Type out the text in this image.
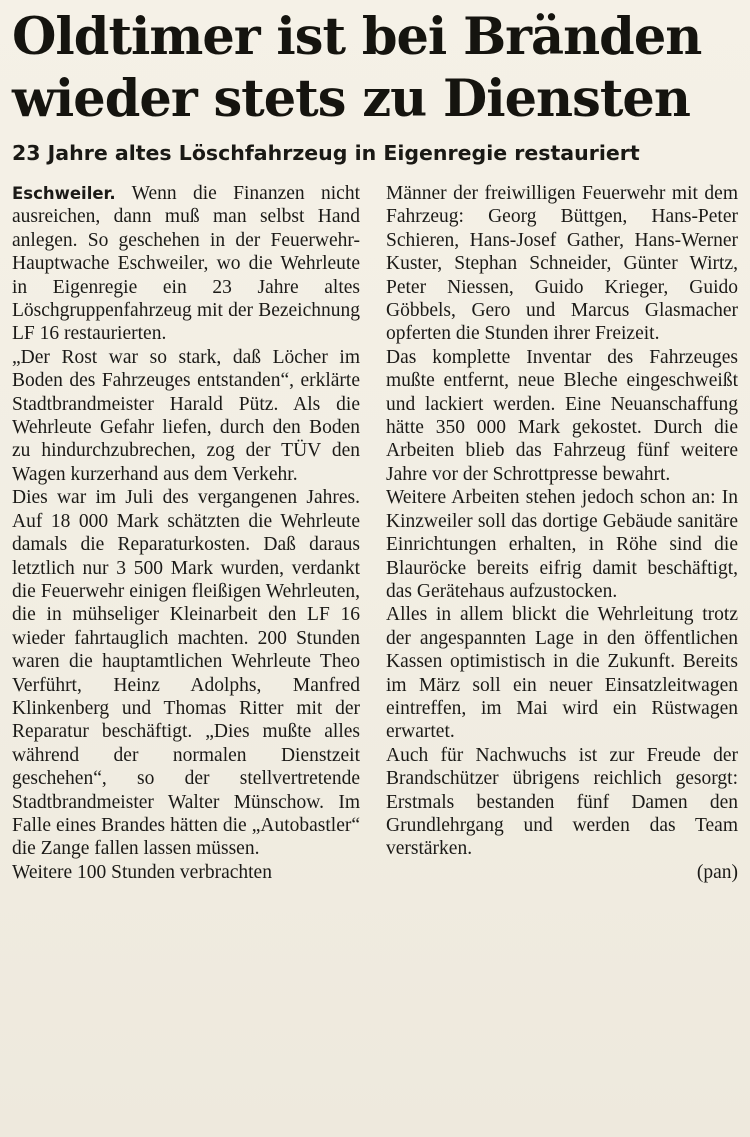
Oldtimer ist bei Bränden
wieder stets zu Diensten
23 Jahre altes Löschfahrzeug in Eigenregie restauriert

Eschweiler. Wenn die Finanzen nicht ausreichen, dann muß man selbst Hand anlegen. So geschehen in der Feuerwehr-Hauptwache Eschweiler, wo die Wehrleute in Eigenregie ein 23 Jahre altes Löschgruppenfahrzeug mit der Bezeichnung LF 16 restaurierten.

„Der Rost war so stark, daß Löcher im Boden des Fahrzeuges entstanden“, erklärte Stadtbrandmeister Harald Pütz. Als die Wehrleute Gefahr liefen, durch den Boden zu hindurchzubrechen, zog der TÜV den Wagen kurzerhand aus dem Verkehr.

Dies war im Juli des vergangenen Jahres. Auf 18 000 Mark schätzten die Wehrleute damals die Reparaturkosten. Daß daraus letztlich nur 3 500 Mark wurden, verdankt die Feuerwehr einigen fleißigen Wehrleuten, die in mühseliger Kleinarbeit den LF 16 wieder fahrtauglich machten. 200 Stunden waren die hauptamtlichen Wehrleute Theo Verführt, Heinz Adolphs, Manfred Klinkenberg und Thomas Ritter mit der Reparatur beschäftigt. „Dies mußte alles während der normalen Dienstzeit geschehen“, so der stellvertretende Stadtbrandmeister Walter Münschow. Im Falle eines Brandes hätten die „Autobastler“ die Zange fallen lassen müssen.

Weitere 100 Stunden verbrachten

Männer der freiwilligen Feuerwehr mit dem Fahrzeug: Georg Büttgen, Hans-Peter Schieren, Hans-Josef Gather, Hans-Werner Kuster, Stephan Schneider, Günter Wirtz, Peter Niessen, Guido Krieger, Guido Göbbels, Gero und Marcus Glasmacher opferten die Stunden ihrer Freizeit.

Das komplette Inventar des Fahrzeuges mußte entfernt, neue Bleche eingeschweißt und lackiert werden. Eine Neuanschaffung hätte 350 000 Mark gekostet. Durch die Arbeiten blieb das Fahrzeug fünf weitere Jahre vor der Schrottpresse bewahrt.

Weitere Arbeiten stehen jedoch schon an: In Kinzweiler soll das dortige Gebäude sanitäre Einrichtungen erhalten, in Röhe sind die Blauröcke bereits eifrig damit beschäftigt, das Gerätehaus aufzustocken.

Alles in allem blickt die Wehrleitung trotz der angespannten Lage in den öffentlichen Kassen optimistisch in die Zukunft. Bereits im März soll ein neuer Einsatzleitwagen eintreffen, im Mai wird ein Rüstwagen erwartet.

Auch für Nachwuchs ist zur Freude der Brandschützer übrigens reichlich gesorgt: Erstmals bestanden fünf Damen den Grundlehrgang und werden das Team verstärken.

(pan)
